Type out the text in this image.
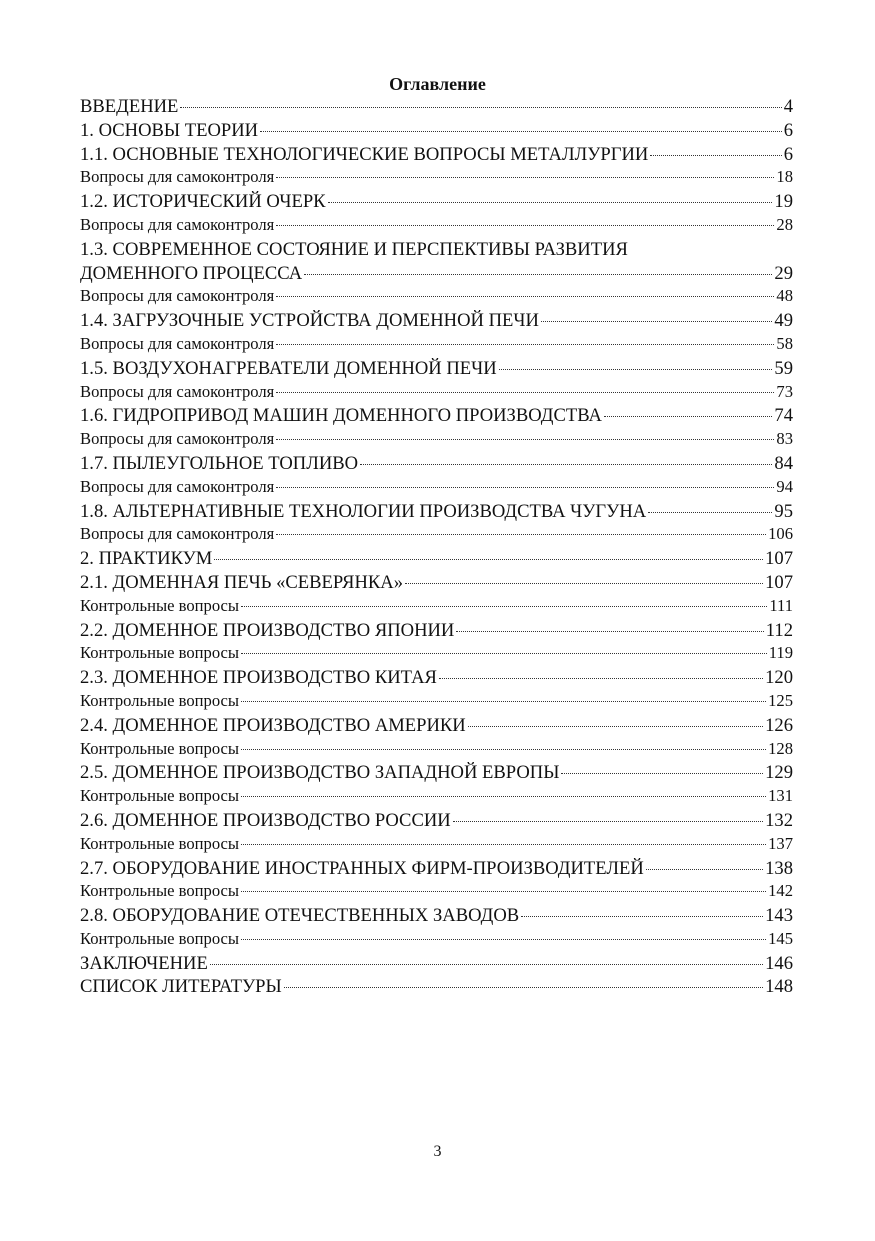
Оглавление
ВВЕДЕНИЕ	4
1. ОСНОВЫ ТЕОРИИ	6
1.1. ОСНОВНЫЕ ТЕХНОЛОГИЧЕСКИЕ ВОПРОСЫ МЕТАЛЛУРГИИ	6
Вопросы для самоконтроля	18
1.2. ИСТОРИЧЕСКИЙ ОЧЕРК	19
Вопросы для самоконтроля	28
1.3. СОВРЕМЕННОЕ СОСТОЯНИЕ И ПЕРСПЕКТИВЫ РАЗВИТИЯ
ДОМЕННОГО ПРОЦЕССА	29
Вопросы для самоконтроля	48
1.4. ЗАГРУЗОЧНЫЕ УСТРОЙСТВА ДОМЕННОЙ ПЕЧИ	49
Вопросы для самоконтроля	58
1.5. ВОЗДУХОНАГРЕВАТЕЛИ ДОМЕННОЙ ПЕЧИ	59
Вопросы для самоконтроля	73
1.6. ГИДРОПРИВОД МАШИН ДОМЕННОГО ПРОИЗВОДСТВА	74
Вопросы для самоконтроля	83
1.7. ПЫЛЕУГОЛЬНОЕ ТОПЛИВО	84
Вопросы для самоконтроля	94
1.8. АЛЬТЕРНАТИВНЫЕ ТЕХНОЛОГИИ ПРОИЗВОДСТВА ЧУГУНА	95
Вопросы для самоконтроля	106
2. ПРАКТИКУМ	107
2.1. ДОМЕННАЯ ПЕЧЬ «СЕВЕРЯНКА»	107
Контрольные вопросы	111
2.2. ДОМЕННОЕ ПРОИЗВОДСТВО ЯПОНИИ	112
Контрольные вопросы	119
2.3. ДОМЕННОЕ ПРОИЗВОДСТВО КИТАЯ	120
Контрольные вопросы	125
2.4. ДОМЕННОЕ ПРОИЗВОДСТВО АМЕРИКИ	126
Контрольные вопросы	128
2.5. ДОМЕННОЕ ПРОИЗВОДСТВО ЗАПАДНОЙ ЕВРОПЫ	129
Контрольные вопросы	131
2.6. ДОМЕННОЕ ПРОИЗВОДСТВО РОССИИ	132
Контрольные вопросы	137
2.7. ОБОРУДОВАНИЕ ИНОСТРАННЫХ ФИРМ-ПРОИЗВОДИТЕЛЕЙ	138
Контрольные вопросы	142
2.8. ОБОРУДОВАНИЕ ОТЕЧЕСТВЕННЫХ ЗАВОДОВ	143
Контрольные вопросы	145
ЗАКЛЮЧЕНИЕ	146
СПИСОК ЛИТЕРАТУРЫ	148
3
